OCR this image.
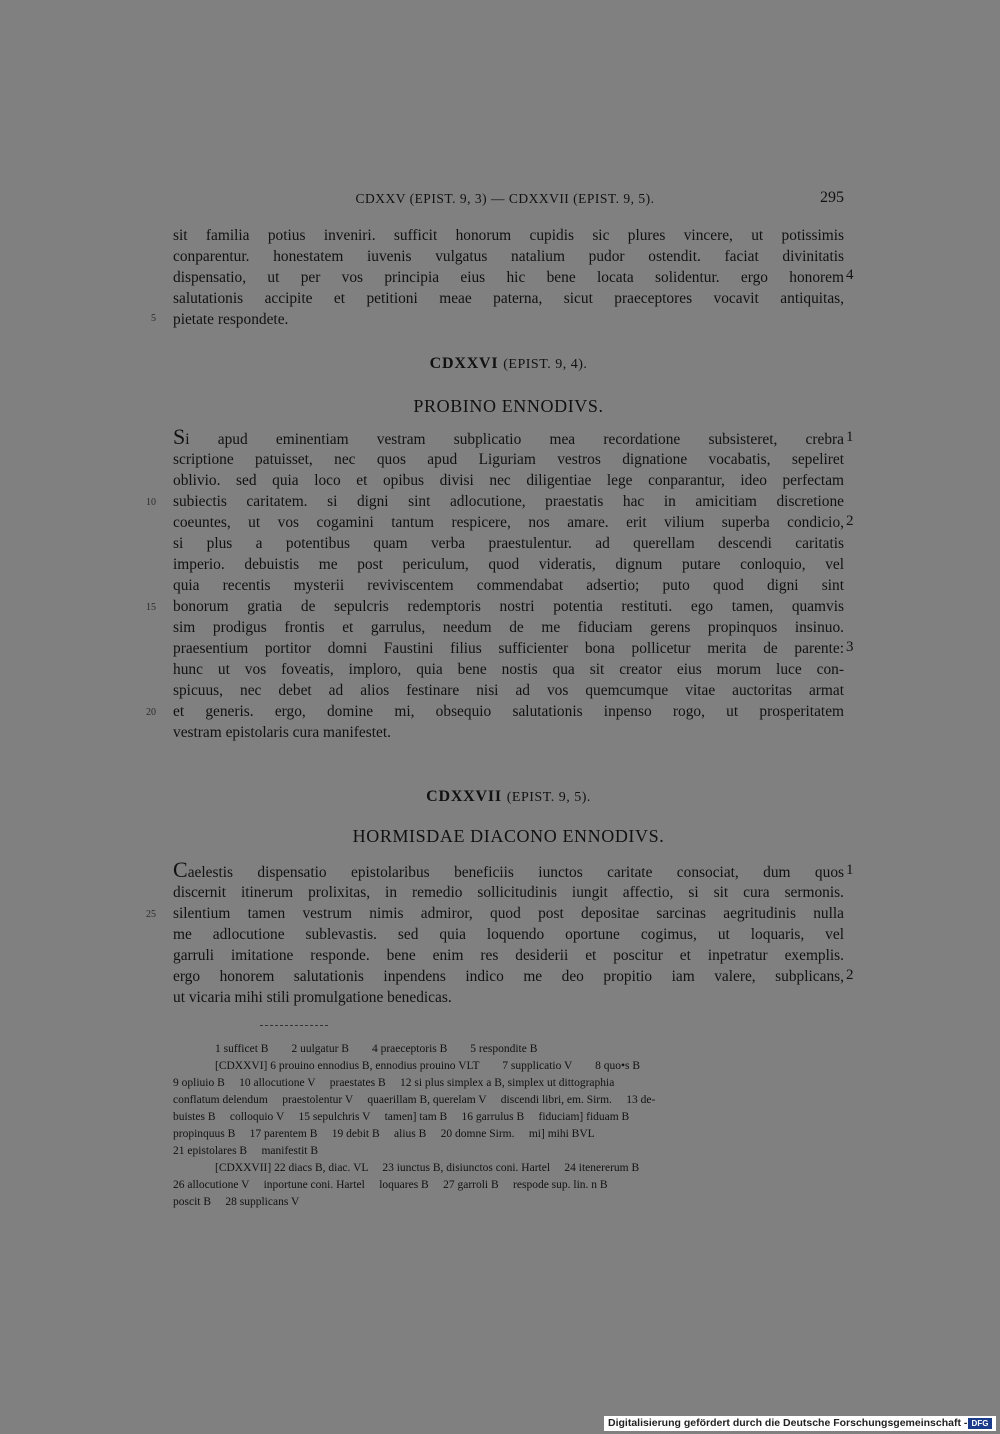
CDXXV (EPIST. 9, 3) — CDXXVII (EPIST. 9, 5).	295
sit familia potius inveniri. sufficit honorum cupidis sic plures vincere, ut potissimis
conparentur. honestatem iuvenis vulgatus natalium pudor ostendit. faciat divinitatis
dispensatio, ut per vos principia eius hic bene locata solidentur. ergo honorem
salutationis accipite et petitioni meae paterna, sicut praeceptores vocavit antiquitas,
pietate respondete.
4
5
CDXXVI (EPIST. 9, 4).
PROBINO ENNODIVS.
Si apud eminentiam vestram subplicatio mea recordatione subsisteret, crebra
scriptione patuisset, nec quos apud Liguriam vestros dignatione vocabatis, sepeliret
oblivio. sed quia loco et opibus divisi nec diligentiae lege conparantur, ideo perfectam
subiectis caritatem. si digni sint adlocutione, praestatis hac in amicitiam discretione
coeuntes, ut vos cogamini tantum respicere, nos amare. erit vilium superba condicio,
si plus a potentibus quam verba praestulentur. ad querellam descendi caritatis
imperio. debuistis me post periculum, quod videratis, dignum putare conloquio, vel
quia recentis mysterii reviviscentem commendabat adsertio; puto quod digni sint
bonorum gratia de sepulcris redemptoris nostri potentia restituti. ego tamen, quamvis
sim prodigus frontis et garrulus, needum de me fiduciam gerens propinquos insinuo.
praesentium portitor domni Faustini filius sufficienter bona pollicetur merita de parente:
hunc ut vos foveatis, imploro, quia bene nostis qua sit creator eius morum luce con-
spicuus, nec debet ad alios festinare nisi ad vos quemcumque vitae auctoritas armat
et generis. ergo, domine mi, obsequio salutationis inpenso rogo, ut prosperitatem
vestram epistolaris cura manifestet.
1
2
3
10
15
20
CDXXVII (EPIST. 9, 5).
HORMISDAE DIACONO ENNODIVS.
Caelestis dispensatio epistolaribus beneficiis iunctos caritate consociat, dum quos
discernit itinerum prolixitas, in remedio sollicitudinis iungit affectio, si sit cura sermonis.
silentium tamen vestrum nimis admiror, quod post depositae sarcinas aegritudinis nulla
me adlocutione sublevastis. sed quia loquendo oportune cogimus, ut loquaris, vel
garruli imitatione responde. bene enim res desiderii et poscitur et inpetratur exemplis.
ergo honorem salutationis inpendens indico me deo propitio iam valere, subplicans,
ut vicaria mihi stili promulgatione benedicas.
1
2
25
1 sufficet B        2 uulgatur B        4 praeceptoris B        5 respondite B
[CDXXVI] 6 prouino ennodius B, ennodius prouino VLT        7 supplicatio V        8 quo•s B
9 opliuio B     10 allocutione V     praestates B     12 si plus simplex a B, simplex ut dittographia
conflatum delendum     praestolentur V     quaerillam B, querelam V     discendi libri, em. Sirm.     13 de-
buistes B     colloquio V     15 sepulchris V     tamen] tam B     16 garrulus B     fiduciam] fiduam B
propinquus B     17 parentem B     19 debit B     alius B     20 domne Sirm.     mi] mihi BVL
21 epistolares B     manifestit B
[CDXXVII] 22 diacs B, diac. VL     23 iunctus B, disiunctos coni. Hartel     24 itenererum B
26 allocutione V     inportune coni. Hartel     loquares B     27 garroli B     respode sup. lin. n B
poscit B     28 supplicans V
Digitalisierung gefördert durch die Deutsche Forschungsgemeinschaft - DFG
